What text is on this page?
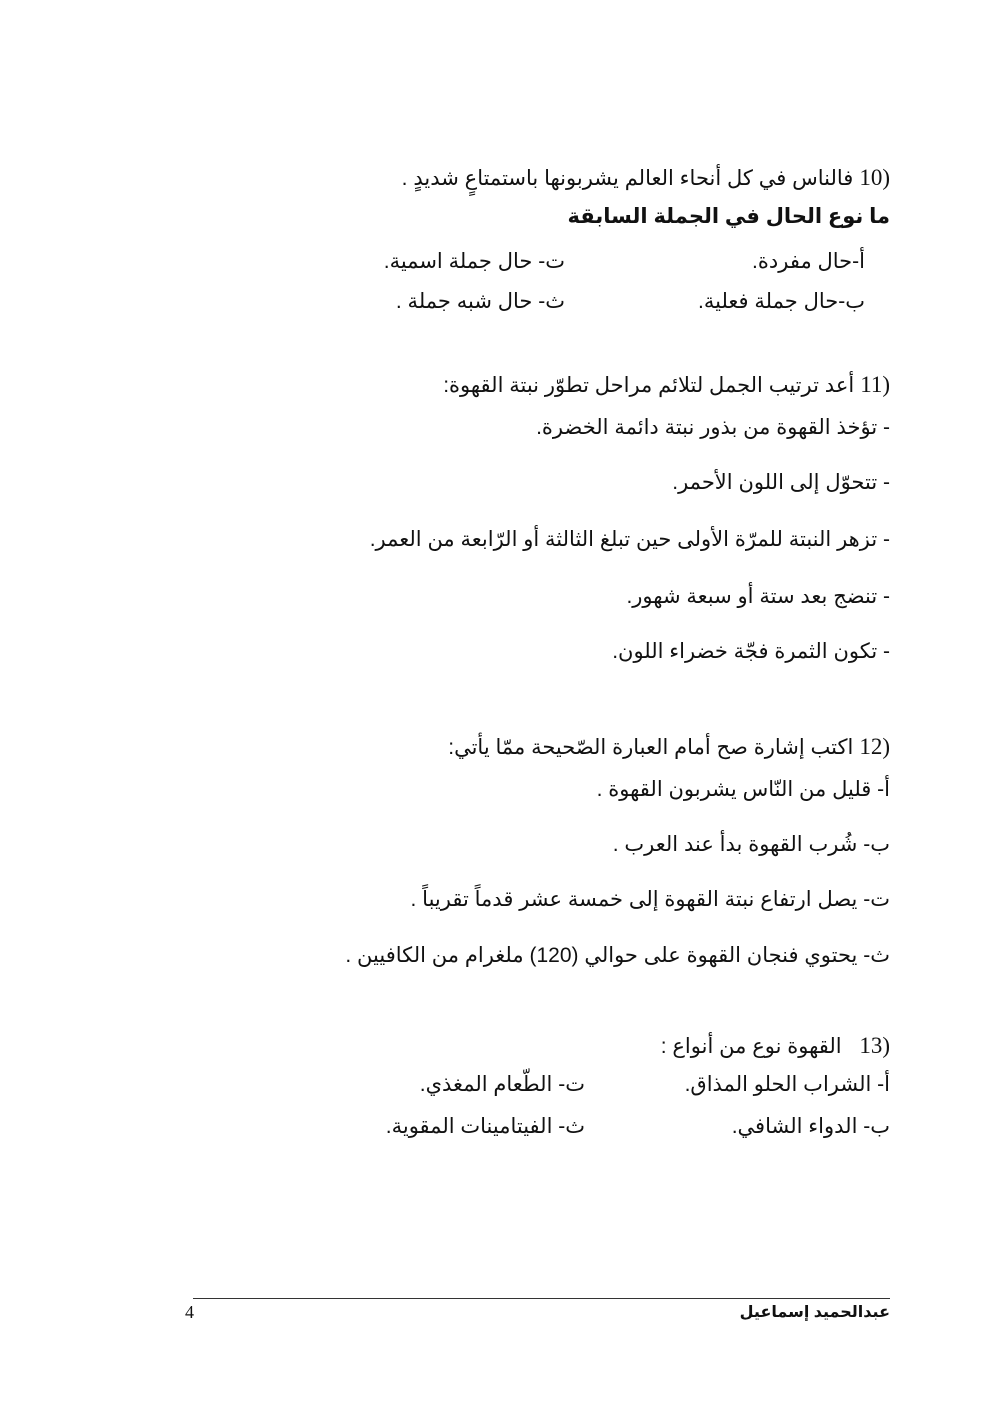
10)فالناس في كل أنحاء العالم يشربونها باستمتاعٍ شديدٍ .
ما نوع الحال في الجملة السابقة
أ-حال مفردة.
ت- حال جملة اسمية.
ب-حال جملة فعلية.
ث- حال شبه جملة .
11)أعد ترتيب الجمل لتلائم مراحل تطوّر نبتة القهوة:
- تؤخذ القهوة من بذور نبتة دائمة الخضرة.
- تتحوّل إلى اللون الأحمر.
- تزهر النبتة للمرّة الأولى حين تبلغ الثالثة أو الرّابعة من العمر.
- تنضج بعد ستة أو سبعة شهور.
- تكون الثمرة فجّة خضراء اللون.
12)اكتب إشارة صح أمام العبارة الصّحيحة ممّا يأتي:
أ- قليل من النّاس يشربون القهوة .
ب- شُرب القهوة بدأ عند العرب .
ت- يصل ارتفاع نبتة القهوة إلى خمسة عشر قدماً تقريباً .
ث- يحتوي فنجان القهوة على حوالي (120) ملغرام من الكافيين .
13)  القهوة نوع من أنواع :
أ- الشراب الحلو المذاق.
ت- الطّعام المغذي.
ب- الدواء الشافي.
ث- الفيتامينات المقوية.
4	عبدالحميد إسماعيل
